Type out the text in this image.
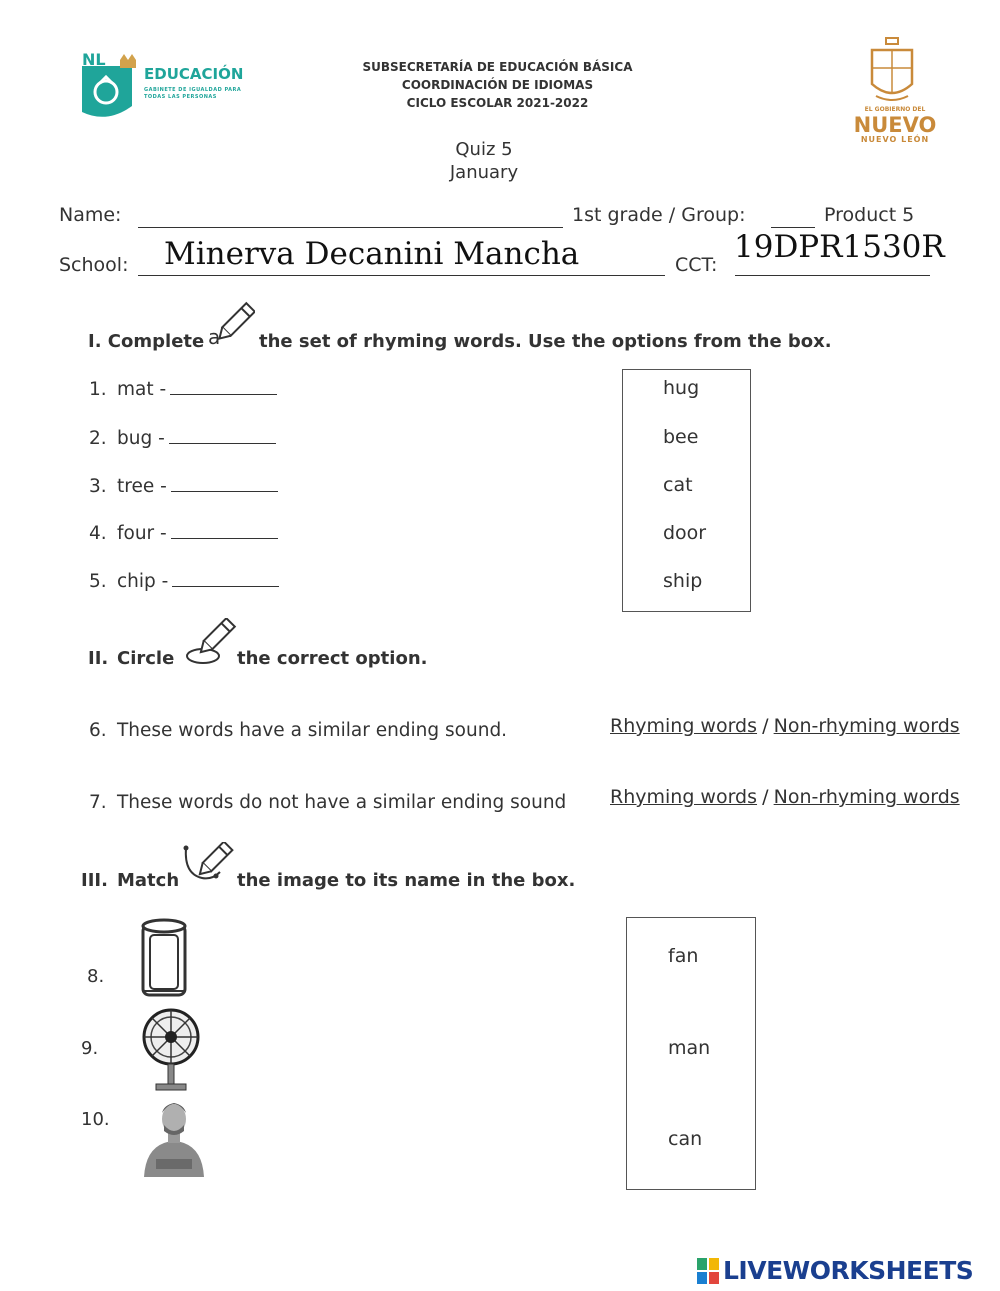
NL
EDUCACIÓN
GABINETE DE IGUALDAD PARA TODAS LAS PERSONAS
SUBSECRETARÍA DE EDUCACIÓN BÁSICA
COORDINACIÓN DE IDIOMAS
CICLO ESCOLAR 2021-2022	EL GOBIERNO DEL
NUEVO
NUEVO LEÓN
Quiz 5
January
Name:	1st grade / Group:	Product 5
School: Minerva Decanini Mancha	CCT: 19DPR1530R
I. Complete a the set of rhyming words. Use the options from the box.
1. mat -
2. bug -
3. tree -
4. four -
5. chip -
hug
bee
cat
door
ship
II. Circle	the correct option.
6. These words have a similar ending sound.	Rhyming words / Non-rhyming words
7. These words do not have a similar ending sound Rhyming words / Non-rhyming words
III. Match	the image to its name in the box.
8.
9.
10.
fan
man
can
LIVEWORKSHEETS
